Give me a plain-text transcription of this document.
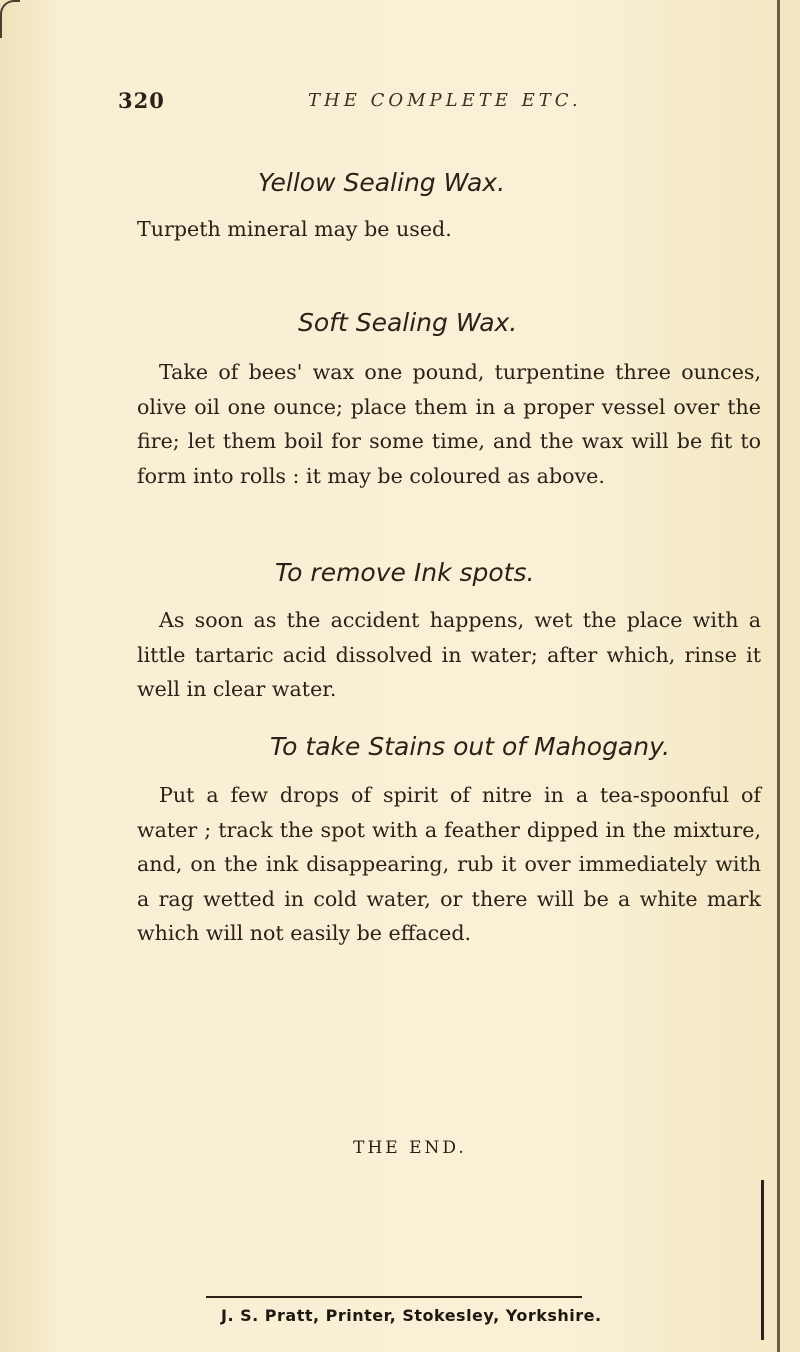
320	THE COMPLETE ETC.
Yellow Sealing Wax.
Turpeth mineral may be used.
Soft Sealing Wax.
Take of bees' wax one pound, turpentine three ounces, olive oil one ounce; place them in a proper vessel over the fire; let them boil for some time, and the wax will be fit to form into rolls : it may be coloured as above.
To remove Ink spots.
As soon as the accident happens, wet the place with a little tartaric acid dissolved in water; after which, rinse it well in clear water.
To take Stains out of Mahogany.
Put a few drops of spirit of nitre in a tea-spoonful of water ; track the spot with a feather dipped in the mixture, and, on the ink disappearing, rub it over immediately with a rag wetted in cold water, or there will be a white mark which will not easily be effaced.
THE END.
J. S. Pratt, Printer, Stokesley, Yorkshire.
